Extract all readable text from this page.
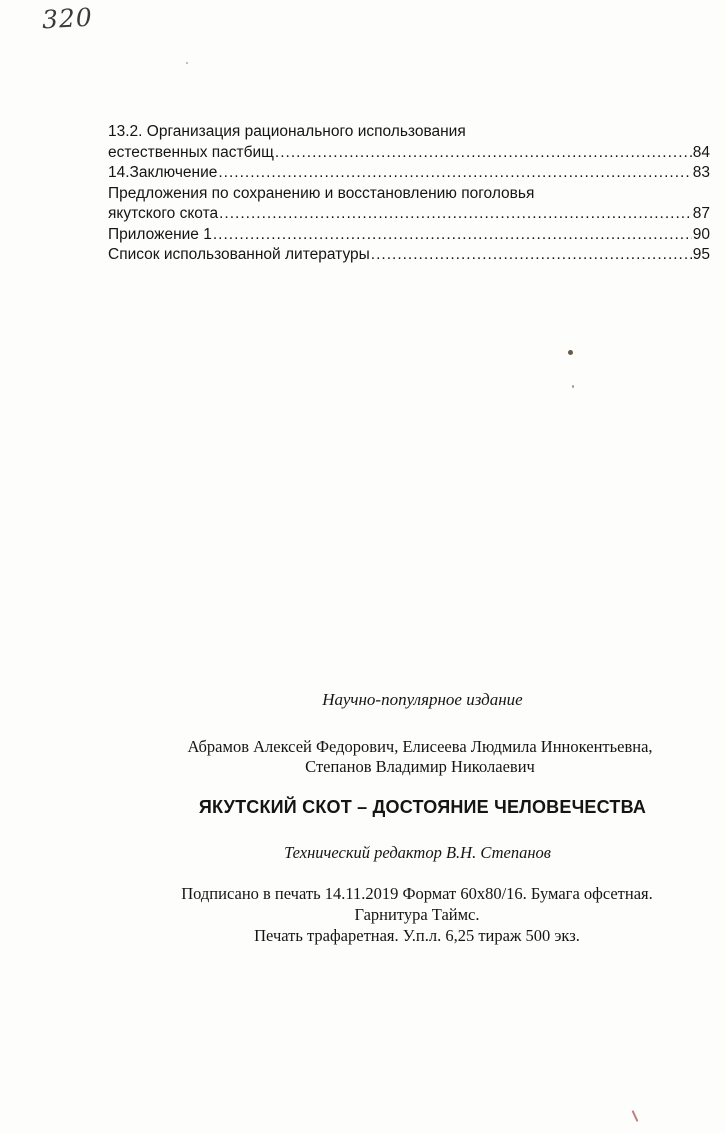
320
13.2. Организация рационального использования
естественных пастбищ .....	84
14.Заключение .....	83
Предложения по сохранению и восстановлению поголовья
якутского скота .....	87
Приложение 1 .....	90
Список использованной литературы .....	95
Научно-популярное издание
Абрамов Алексей Федорович, Елисеева Людмила Иннокентьевна,
Степанов Владимир Николаевич
ЯКУТСКИЙ СКОТ – ДОСТОЯНИЕ ЧЕЛОВЕЧЕСТВА
Технический редактор В.Н. Степанов
Подписано в печать 14.11.2019 Формат 60х80/16. Бумага офсетная.
Гарнитура Таймс.
Печать трафаретная. У.п.л. 6,25 тираж 500 экз.
